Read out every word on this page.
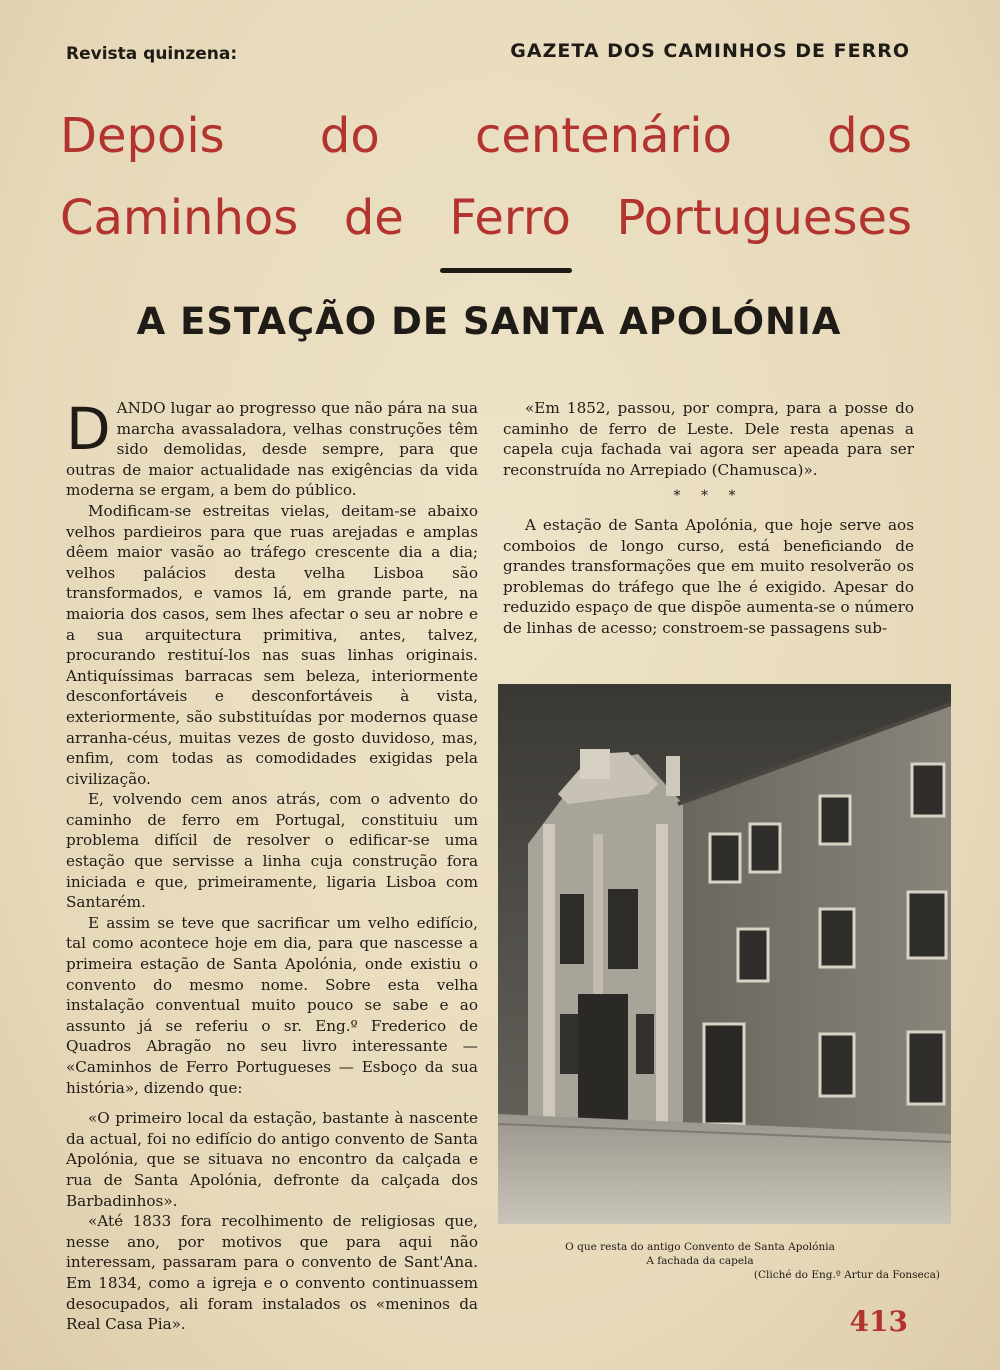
Revista quinzena:	GAZETA DOS CAMINHOS DE FERRO
Depois do centenário dos
Caminhos de Ferro Portugueses
A ESTAÇÃO DE SANTA APOLÓNIA

DANDO lugar ao progresso que não pára na sua marcha avassaladora, velhas construções têm sido demolidas, desde sempre, para que outras de maior actualidade nas exigências da vida moderna se ergam, a bem do público.

Modificam-se estreitas vielas, deitam-se abaixo velhos pardieiros para que ruas arejadas e amplas dêem maior vasão ao tráfego crescente dia a dia; velhos palácios desta velha Lisboa são transformados, e vamos lá, em grande parte, na maioria dos casos, sem lhes afectar o seu ar nobre e a sua arquitectura primitiva, antes, talvez, procurando restituí-los nas suas linhas originais. Antiquíssimas barracas sem beleza, interiormente desconfortáveis e desconfortáveis à vista, exteriormente, são substituídas por modernos quase arranha-céus, muitas vezes de gosto duvidoso, mas, enfim, com todas as comodidades exigidas pela civilização.

E, volvendo cem anos atrás, com o advento do caminho de ferro em Portugal, constituiu um problema difícil de resolver o edificar-se uma estação que servisse a linha cuja construção fora iniciada e que, primeiramente, ligaria Lisboa com Santarém.

E assim se teve que sacrificar um velho edifício, tal como acontece hoje em dia, para que nascesse a primeira estação de Santa Apolónia, onde existiu o convento do mesmo nome. Sobre esta velha instalação conventual muito pouco se sabe e ao assunto já se referiu o sr. Eng.º Frederico de Quadros Abragão no seu livro interessante — «Caminhos de Ferro Portugueses — Esboço da sua história», dizendo que:

«O primeiro local da estação, bastante à nascente da actual, foi no edifício do antigo convento de Santa Apolónia, que se situava no encontro da calçada e rua de Santa Apolónia, defronte da calçada dos Barbadinhos».

«Até 1833 fora recolhimento de religiosas que, nesse ano, por motivos que para aqui não interessam, passaram para o convento de Sant'Ana. Em 1834, como a igreja e o convento continuassem desocupados, ali foram instalados os «meninos da Real Casa Pia».

«Em 1852, passou, por compra, para a posse do caminho de ferro de Leste. Dele resta apenas a capela cuja fachada vai agora ser apeada para ser reconstruída no Arrepiado (Chamusca)».

* * *

A estação de Santa Apolónia, que hoje serve aos comboios de longo curso, está beneficiando de grandes transformações que em muito resolverão os problemas do tráfego que lhe é exigido. Apesar do reduzido espaço de que dispõe aumenta-se o número de linhas de acesso; constroem-se passagens sub-

O que resta do antigo Convento de Santa Apolónia
A fachada da capela
(Cliché do Eng.º Artur da Fonseca)
413
